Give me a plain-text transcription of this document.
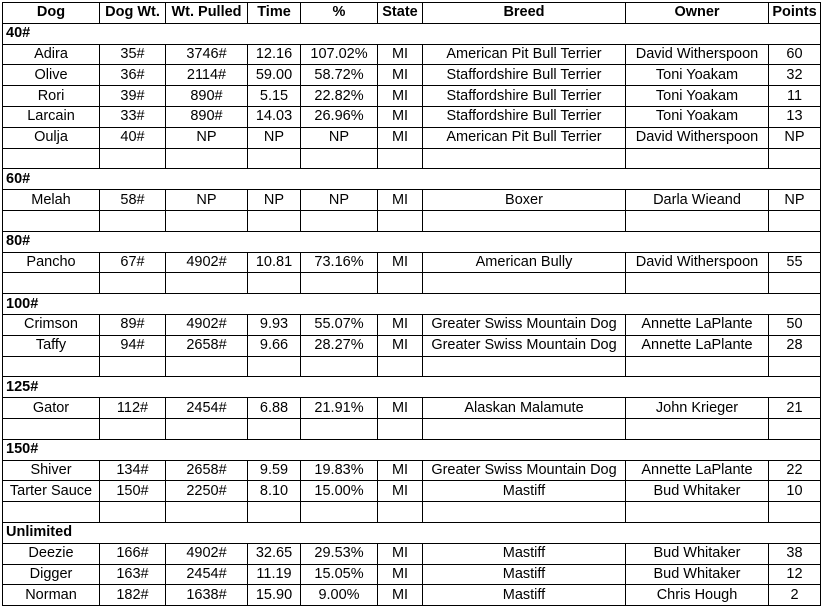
Dog	Dog Wt.	Wt. Pulled	Time	%	State	Breed	Owner	Points
40#								
Adira	35#	3746#	12.16	107.02%	MI	American Pit Bull Terrier	David Witherspoon	60
Olive	36#	2114#	59.00	58.72%	MI	Staffordshire Bull Terrier	Toni Yoakam	32
Rori	39#	890#	5.15	22.82%	MI	Staffordshire Bull Terrier	Toni Yoakam	11
Larcain	33#	890#	14.03	26.96%	MI	Staffordshire Bull Terrier	Toni Yoakam	13
Oulja	40#	NP	NP	NP	MI	American Pit Bull Terrier	David Witherspoon	NP

60#								
Melah	58#	NP	NP	NP	MI	Boxer	Darla Wieand	NP

80#								
Pancho	67#	4902#	10.81	73.16%	MI	American Bully	David Witherspoon	55

100#								
Crimson	89#	4902#	9.93	55.07%	MI	Greater Swiss Mountain Dog	Annette LaPlante	50
Taffy	94#	2658#	9.66	28.27%	MI	Greater Swiss Mountain Dog	Annette LaPlante	28

125#								
Gator	112#	2454#	6.88	21.91%	MI	Alaskan Malamute	John Krieger	21

150#								
Shiver	134#	2658#	9.59	19.83%	MI	Greater Swiss Mountain Dog	Annette LaPlante	22
Tarter Sauce	150#	2250#	8.10	15.00%	MI	Mastiff	Bud Whitaker	10

Unlimited								
Deezie	166#	4902#	32.65	29.53%	MI	Mastiff	Bud Whitaker	38
Digger	163#	2454#	11.19	15.05%	MI	Mastiff	Bud Whitaker	12
Norman	182#	1638#	15.90	9.00%	MI	Mastiff	Chris Hough	2
